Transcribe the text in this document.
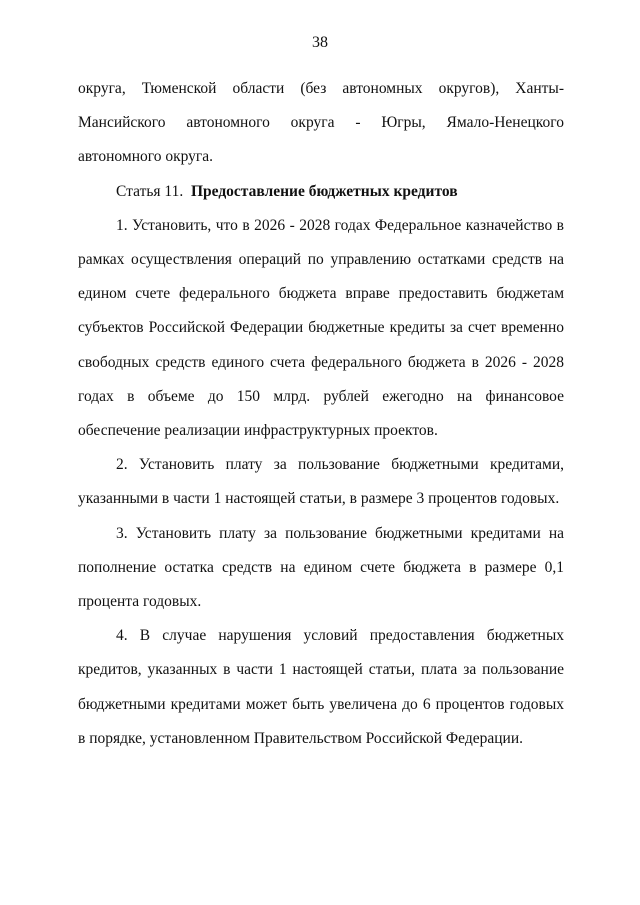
38

округа, Тюменской области (без автономных округов), Ханты-Мансийского автономного округа - Югры, Ямало-Ненецкого автономного округа.

Статья 11. Предоставление бюджетных кредитов

1. Установить, что в 2026 - 2028 годах Федеральное казначейство в рамках осуществления операций по управлению остатками средств на едином счете федерального бюджета вправе предоставить бюджетам субъектов Российской Федерации бюджетные кредиты за счет временно свободных средств единого счета федерального бюджета в 2026 - 2028 годах в объеме до 150 млрд. рублей ежегодно на финансовое обеспечение реализации инфраструктурных проектов.

2. Установить плату за пользование бюджетными кредитами, указанными в части 1 настоящей статьи, в размере 3 процентов годовых.

3. Установить плату за пользование бюджетными кредитами на пополнение остатка средств на едином счете бюджета в размере 0,1 процента годовых.

4. В случае нарушения условий предоставления бюджетных кредитов, указанных в части 1 настоящей статьи, плата за пользование бюджетными кредитами может быть увеличена до 6 процентов годовых в порядке, установленном Правительством Российской Федерации.
